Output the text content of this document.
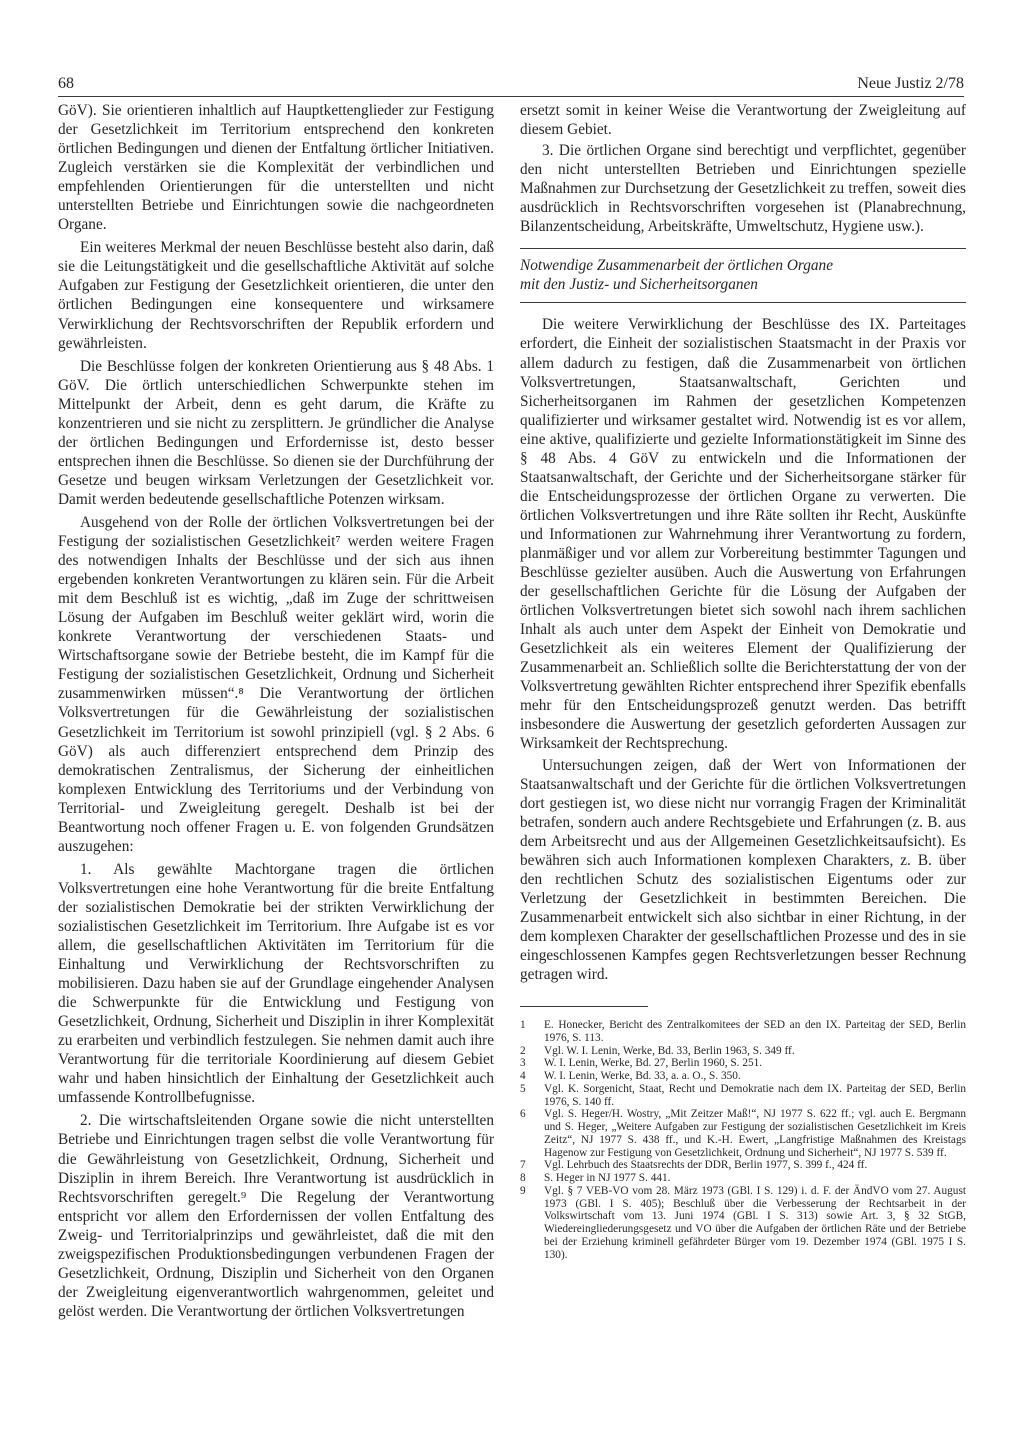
68	Neue Justiz 2/78

GöV). Sie orientieren inhaltlich auf Hauptkettenglieder zur Festigung der Gesetzlichkeit im Territorium entsprechend den konkreten örtlichen Bedingungen und dienen der Entfaltung örtlicher Initiativen. Zugleich verstärken sie die Komplexität der verbindlichen und empfehlenden Orientierungen für die unterstellten und nicht unterstellten Betriebe und Einrichtungen sowie die nachgeordneten Organe.

Ein weiteres Merkmal der neuen Beschlüsse besteht also darin, daß sie die Leitungstätigkeit und die gesellschaftliche Aktivität auf solche Aufgaben zur Festigung der Gesetzlichkeit orientieren, die unter den örtlichen Bedingungen eine konsequentere und wirksamere Verwirklichung der Rechtsvorschriften der Republik erfordern und gewährleisten.

Die Beschlüsse folgen der konkreten Orientierung aus § 48 Abs. 1 GöV. Die örtlich unterschiedlichen Schwerpunkte stehen im Mittelpunkt der Arbeit, denn es geht darum, die Kräfte zu konzentrieren und sie nicht zu zersplittern. Je gründlicher die Analyse der örtlichen Bedingungen und Erfordernisse ist, desto besser entsprechen ihnen die Beschlüsse. So dienen sie der Durchführung der Gesetze und beugen wirksam Verletzungen der Gesetzlichkeit vor. Damit werden bedeutende gesellschaftliche Potenzen wirksam.

Ausgehend von der Rolle der örtlichen Volksvertretungen bei der Festigung der sozialistischen Gesetzlichkeit⁷ werden weitere Fragen des notwendigen Inhalts der Beschlüsse und der sich aus ihnen ergebenden konkreten Verantwortungen zu klären sein. Für die Arbeit mit dem Beschluß ist es wichtig, „daß im Zuge der schrittweisen Lösung der Aufgaben im Beschluß weiter geklärt wird, worin die konkrete Verantwortung der verschiedenen Staats- und Wirtschaftsorgane sowie der Betriebe besteht, die im Kampf für die Festigung der sozialistischen Gesetzlichkeit, Ordnung und Sicherheit zusammenwirken müssen“.⁸ Die Verantwortung der örtlichen Volksvertretungen für die Gewährleistung der sozialistischen Gesetzlichkeit im Territorium ist sowohl prinzipiell (vgl. § 2 Abs. 6 GöV) als auch differenziert entsprechend dem Prinzip des demokratischen Zentralismus, der Sicherung der einheitlichen komplexen Entwicklung des Territoriums und der Verbindung von Territorial- und Zweigleitung geregelt. Deshalb ist bei der Beantwortung noch offener Fragen u. E. von folgenden Grundsätzen auszugehen:

1. Als gewählte Machtorgane tragen die örtlichen Volksvertretungen eine hohe Verantwortung für die breite Entfaltung der sozialistischen Demokratie bei der strikten Verwirklichung der sozialistischen Gesetzlichkeit im Territorium. Ihre Aufgabe ist es vor allem, die gesellschaftlichen Aktivitäten im Territorium für die Einhaltung und Verwirklichung der Rechtsvorschriften zu mobilisieren. Dazu haben sie auf der Grundlage eingehender Analysen die Schwerpunkte für die Entwicklung und Festigung von Gesetzlichkeit, Ordnung, Sicherheit und Disziplin in ihrer Komplexität zu erarbeiten und verbindlich festzulegen. Sie nehmen damit auch ihre Verantwortung für die territoriale Koordinierung auf diesem Gebiet wahr und haben hinsichtlich der Einhaltung der Gesetzlichkeit auch umfassende Kontrollbefugnisse.

2. Die wirtschaftsleitenden Organe sowie die nicht unterstellten Betriebe und Einrichtungen tragen selbst die volle Verantwortung für die Gewährleistung von Gesetzlichkeit, Ordnung, Sicherheit und Disziplin in ihrem Bereich. Ihre Verantwortung ist ausdrücklich in Rechtsvorschriften geregelt.⁹ Die Regelung der Verantwortung entspricht vor allem den Erfordernissen der vollen Entfaltung des Zweig- und Territorialprinzips und gewährleistet, daß die mit den zweigspezifischen Produktionsbedingungen verbundenen Fragen der Gesetzlichkeit, Ordnung, Disziplin und Sicherheit von den Organen der Zweigleitung eigenverantwortlich wahrgenommen, geleitet und gelöst werden. Die Verantwortung der örtlichen Volksvertretungen

ersetzt somit in keiner Weise die Verantwortung der Zweigleitung auf diesem Gebiet.

3. Die örtlichen Organe sind berechtigt und verpflichtet, gegenüber den nicht unterstellten Betrieben und Einrichtungen spezielle Maßnahmen zur Durchsetzung der Gesetzlichkeit zu treffen, soweit dies ausdrücklich in Rechtsvorschriften vorgesehen ist (Planabrechnung, Bilanzentscheidung, Arbeitskräfte, Umweltschutz, Hygiene usw.).

Notwendige Zusammenarbeit der örtlichen Organe
mit den Justiz- und Sicherheitsorganen

Die weitere Verwirklichung der Beschlüsse des IX. Parteitages erfordert, die Einheit der sozialistischen Staatsmacht in der Praxis vor allem dadurch zu festigen, daß die Zusammenarbeit von örtlichen Volksvertretungen, Staatsanwaltschaft, Gerichten und Sicherheitsorganen im Rahmen der gesetzlichen Kompetenzen qualifizierter und wirksamer gestaltet wird. Notwendig ist es vor allem, eine aktive, qualifizierte und gezielte Informationstätigkeit im Sinne des § 48 Abs. 4 GöV zu entwickeln und die Informationen der Staatsanwaltschaft, der Gerichte und der Sicherheitsorgane stärker für die Entscheidungsprozesse der örtlichen Organe zu verwerten. Die örtlichen Volksvertretungen und ihre Räte sollten ihr Recht, Auskünfte und Informationen zur Wahrnehmung ihrer Verantwortung zu fordern, planmäßiger und vor allem zur Vorbereitung bestimmter Tagungen und Beschlüsse gezielter ausüben. Auch die Auswertung von Erfahrungen der gesellschaftlichen Gerichte für die Lösung der Aufgaben der örtlichen Volksvertretungen bietet sich sowohl nach ihrem sachlichen Inhalt als auch unter dem Aspekt der Einheit von Demokratie und Gesetzlichkeit als ein weiteres Element der Qualifizierung der Zusammenarbeit an. Schließlich sollte die Berichterstattung der von der Volksvertretung gewählten Richter entsprechend ihrer Spezifik ebenfalls mehr für den Entscheidungsprozeß genutzt werden. Das betrifft insbesondere die Auswertung der gesetzlich geforderten Aussagen zur Wirksamkeit der Rechtsprechung.

Untersuchungen zeigen, daß der Wert von Informationen der Staatsanwaltschaft und der Gerichte für die örtlichen Volksvertretungen dort gestiegen ist, wo diese nicht nur vorrangig Fragen der Kriminalität betrafen, sondern auch andere Rechtsgebiete und Erfahrungen (z. B. aus dem Arbeitsrecht und aus der Allgemeinen Gesetzlichkeitsaufsicht). Es bewähren sich auch Informationen komplexen Charakters, z. B. über den rechtlichen Schutz des sozialistischen Eigentums oder zur Verletzung der Gesetzlichkeit in bestimmten Bereichen. Die Zusammenarbeit entwickelt sich also sichtbar in einer Richtung, in der dem komplexen Charakter der gesellschaftlichen Prozesse und des in sie eingeschlossenen Kampfes gegen Rechtsverletzungen besser Rechnung getragen wird.

1	E. Honecker, Bericht des Zentralkomitees der SED an den IX. Parteitag der SED, Berlin 1976, S. 113.
2	Vgl. W. I. Lenin, Werke, Bd. 33, Berlin 1963, S. 349 ff.
3	W. I. Lenin, Werke, Bd. 27, Berlin 1960, S. 251.
4	W. I. Lenin, Werke, Bd. 33, a. a. O., S. 350.
5	Vgl. K. Sorgenicht, Staat, Recht und Demokratie nach dem IX. Parteitag der SED, Berlin 1976, S. 140 ff.
6	Vgl. S. Heger/H. Wostry, „Mit Zeitzer Maß!“, NJ 1977 S. 622 ff.; vgl. auch E. Bergmann und S. Heger, „Weitere Aufgaben zur Festigung der sozialistischen Gesetzlichkeit im Kreis Zeitz“, NJ 1977 S. 438 ff., und K.-H. Ewert, „Langfristige Maßnahmen des Kreistags Hagenow zur Festigung von Gesetzlichkeit, Ordnung und Sicherheit“, NJ 1977 S. 539 ff.
7	Vgl. Lehrbuch des Staatsrechts der DDR, Berlin 1977, S. 399 f., 424 ff.
8	S. Heger in NJ 1977 S. 441.
9	Vgl. § 7 VEB-VO vom 28. März 1973 (GBl. I S. 129) i. d. F. der ÄndVO vom 27. August 1973 (GBl. I S. 405); Beschluß über die Verbesserung der Rechtsarbeit in der Volkswirtschaft vom 13. Juni 1974 (GBl. I S. 313) sowie Art. 3, § 32 StGB, Wiedereingliederungsgesetz und VO über die Aufgaben der örtlichen Räte und der Betriebe bei der Erziehung kriminell gefährdeter Bürger vom 19. Dezember 1974 (GBl. 1975 I S. 130).
